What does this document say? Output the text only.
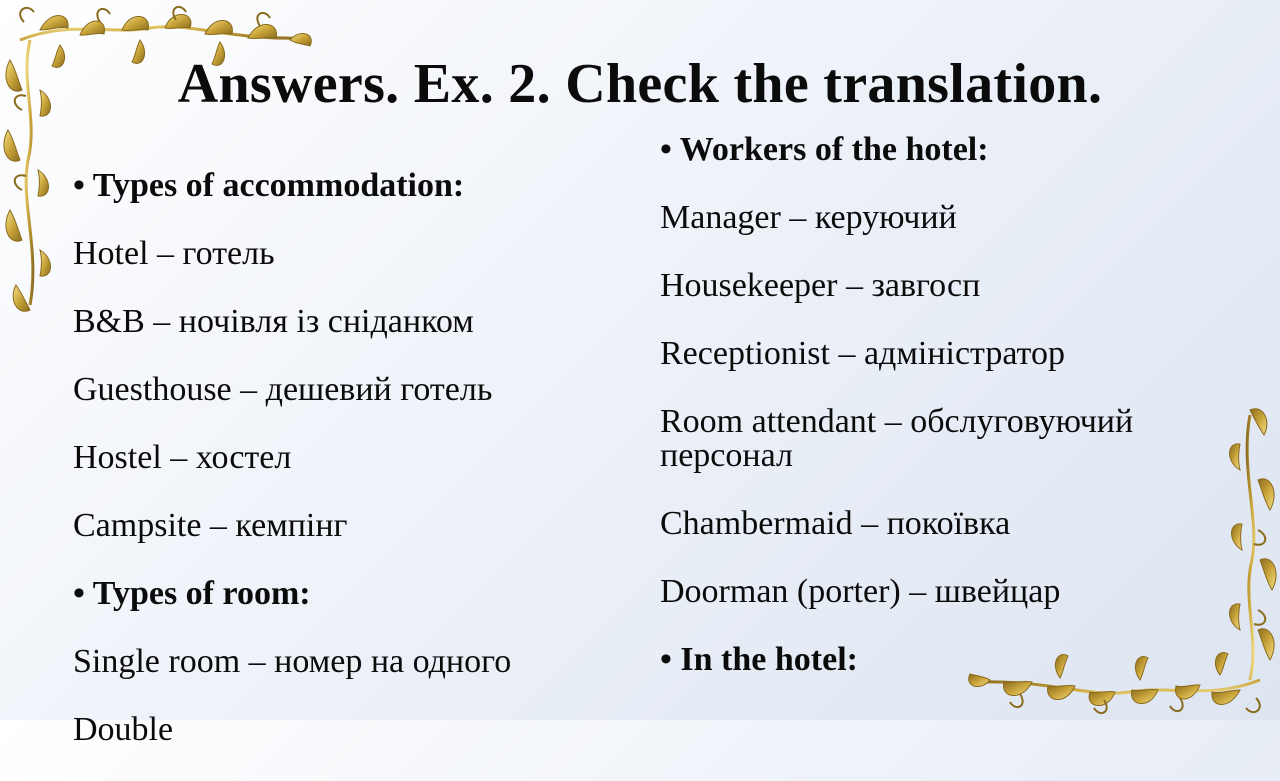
Answers. Ex. 2. Check the translation.
• Types of accommodation:
Hotel – готель
B&B – ночівля із сніданком
Guesthouse – дешевий готель
Hostel – хостел
Campsite – кемпінг
• Types of room:
Single room – номер на одного
Double
• Workers of the hotel:
Manager – керуючий
Housekeeper – завгосп
Receptionist – адміністратор
Room attendant – обслуговуючий
персонал
Chambermaid – покоївка
Doorman (porter) – швейцар
• In the hotel:
